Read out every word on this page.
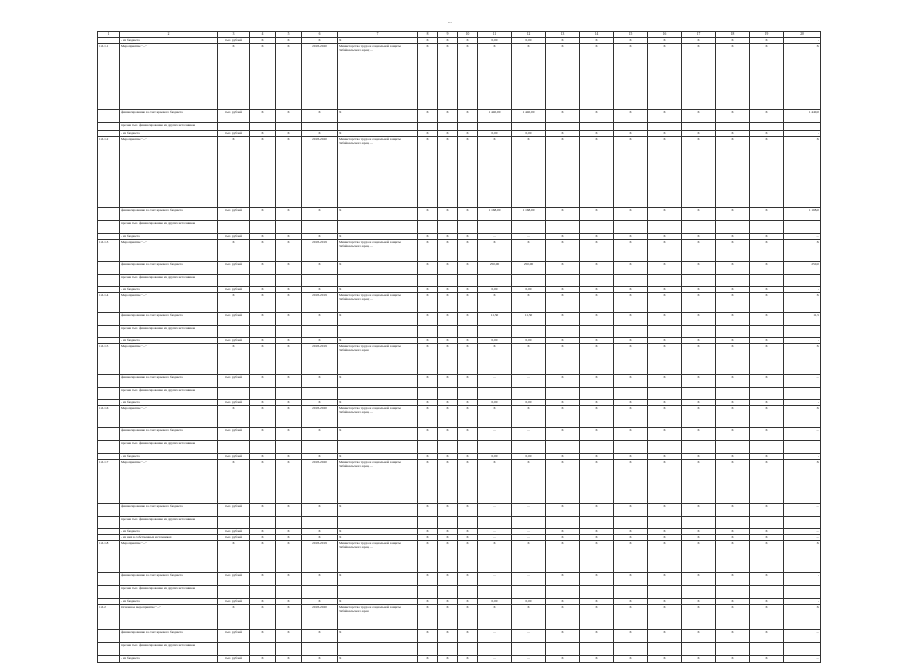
...
1	2	3	4	5	6	7	8	9	10	11	12	13	14	15	16	17	18	19	20
	- из бюджета	тыс. рублей	X	X	X	X	X	X	X	0,00	0,00	X	X	X	X	X	X	X	-
1.6.1.1	Мероприятие "..."	X	X	X	2018-2020	Министерство труда и социальной защиты Забайкальского края; ...	X	X	X	X	X	X	X	X	X	X	X	X	X
	финансирование за счет краевого бюджета	тыс. рублей	X	X	X	X	X	X	X	1 440,00	1 440,00	X	X	X	X	X	X	X	1 440,0
	прочие тыс. финансирование из других источников																		
	- из бюджета	тыс. рублей	X	X	X	X	X	X	X	0,00	0,00	X	X	X	X	X	X	X	-
1.6.1.2	Мероприятие "..."	X	X	X	2018-2020	Министерство труда и социальной защиты Забайкальского края, ...	X	X	X	X	X	X	X	X	X	X	X	X	X
	финансирование за счет краевого бюджета	тыс. рублей	X	X	X	X	X	X	X	1 168,00	1 168,00	X	X	X	X	X	X	X	1 168,0
	прочие тыс. финансирование из других источников																		
	- из бюджета	тыс. рублей	X	X	X	X	X	X	X	...	...	X	X	X	X	X	X	X	...
1.6.1.3	Мероприятие "..."	X	X	X	2018-2019	Министерство труда и социальной защиты Забайкальского края, ...	X	X	X	X	X	X	X	X	X	X	X	X	X
	финансирование за счет краевого бюджета	тыс. рублей	X	X	X	X	X	X	X	250,00	250,00	X	X	X	X	X	X	X	250,0
	прочие тыс. финансирование из других источников																		
	- из бюджета	тыс. рублей	X	X	X	X	X	X	X	0,00	0,00	X	X	X	X	X	X	X	-
1.6.1.4	Мероприятие "..."	X	X	X	2018-2019	Министерство труда и социальной защиты Забайкальского края; ...	X	X	X	X	X	X	X	X	X	X	X	X	X
	финансирование за счет краевого бюджета	тыс. рублей	X	X	X	X	X	X	X	11,50	11,50	X	X	X	X	X	X	X	11,5
	прочие тыс. финансирование из других источников																		
	- из бюджета	тыс. рублей	X	X	X	X	X	X	X	0,00	0,00	X	X	X	X	X	X	X	-
1.6.1.5	Мероприятие "..."	X	X	X	2018-2019	Министерство труда и социальной защиты Забайкальского края	X	X	X	X	X	X	X	X	X	X	X	X	X
	финансирование за счет краевого бюджета	тыс. рублей	X	X	X	X	X	X	X	...	...	X	X	X	X	X	X	X	...
	прочие тыс. финансирование из других источников																		
	- из бюджета	тыс. рублей	X	X	X	X	X	X	X	0,00	0,00	X	X	X	X	X	X	X	-
1.6.1.6	Мероприятие "..."	X	X	X	2018-2020	Министерство труда и социальной защиты Забайкальского края, ...	X	X	X	X	X	X	X	X	X	X	X	X	X
	финансирование за счет краевого бюджета	тыс. рублей	X	X	X	X	X	X	X	...	...	X	X	X	X	X	X	X	...
	прочие тыс. финансирование из других источников																		
	- из бюджета	тыс. рублей	X	X	X	X	X	X	X	0,00	0,00	X	X	X	X	X	X	X	-
1.6.1.7	Мероприятие "..."	X	X	X	2018-2020	Министерство труда и социальной защиты Забайкальского края, ...	X	X	X	X	X	X	X	X	X	X	X	X	X
	финансирование за счет краевого бюджета	тыс. рублей	X	X	X	X	X	X	X	...	...	X	X	X	X	X	X	X	...
	прочие тыс. финансирование из других источников																		
	- из бюджета	тыс. рублей	X	X	X	X	X	X	X	...	...	X	X	X	X	X	X	X	...
	- из них в собственных источниках	тыс. рублей	X	X	X	X	X	X	X	...	...	X	X	X	X	X	X	X	...
1.6.1.8	Мероприятие "..."	X	X	X	2018-2019	Министерство труда и социальной защиты Забайкальского края, ...	X	X	X	X	X	X	X	X	X	X	X	X	X
	финансирование за счет краевого бюджета	тыс. рублей	X	X	X	X	X	X	X	...	...	X	X	X	X	X	X	X	-
	прочие тыс. финансирование из других источников																		
	- из бюджета	тыс. рублей	X	X	X	X	X	X	X	0,00	0,00	X	X	X	X	X	X	X	-
1.6.2	Основное мероприятие "..."	X	X	X	2018-2020	Министерство труда и социальной защиты Забайкальского края	X	X	X	X	X	X	X	X	X	X	X	X	X
	финансирование за счет краевого бюджета	тыс. рублей	X	X	X	X	X	X	X	...	...	X	X	X	X	X	X	X	...
	прочие тыс. финансирование из других источников																		
	- из бюджета	тыс. рублей	X	X	X	X	X	X	X	...	...	X	X	X	X	X	X	X	...
